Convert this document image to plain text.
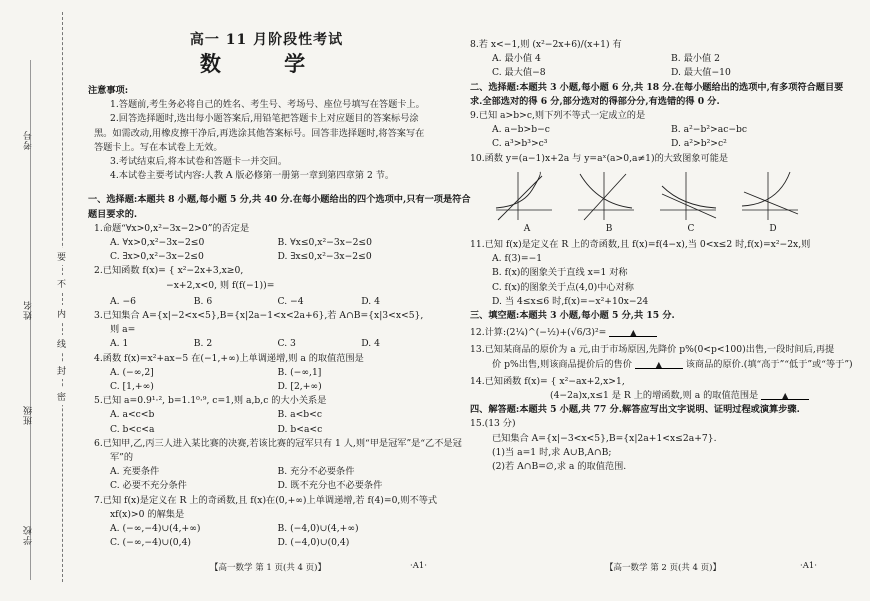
考号
姓名
班级
学校
要
不
内
线
封
密
高一 11 月阶段性考试
数 学

注意事项:

1.答题前,考生务必将自己的姓名、考生号、考场号、座位号填写在答题卡上。

2.回答选择题时,选出每小题答案后,用铅笔把答题卡上对应题目的答案标号涂

黑。如需改动,用橡皮擦干净后,再选涂其他答案标号。回答非选择题时,将答案写在

答题卡上。写在本试卷上无效。

3.考试结束后,将本试卷和答题卡一并交回。

4.本试卷主要考试内容:人教 A 版必修第一册第一章到第四章第 2 节。

一、选择题:本题共 8 小题,每小题 5 分,共 40 分.在每小题给出的四个选项中,只有一项是符合

题目要求的.

1.命题“∀x>0,x²−3x−2>0”的否定是

A. ∀x>0,x²−3x−2≤0	B. ∀x≤0,x²−3x−2≤0
C. ∃x>0,x²−3x−2≤0	D. ∃x≤0,x²−3x−2≤0

2.已知函数 f(x)= { x²−2x+3,x≥0,

−x+2,x<0, 则 f(f(−1))=

A. −6	B. 6	C. −4	D. 4

3.已知集合 A={x|−2<x<5},B={x|2a−1<x<2a+6},若 A∩B={x|3<x<5},

则 a=

A. 1	B. 2	C. 3	D. 4

4.函数 f(x)=x²+ax−5 在(−1,+∞)上单调递增,则 a 的取值范围是

A. (−∞,2]	B. (−∞,1]
C. [1,+∞)	D. [2,+∞)

5.已知 a=0.9¹·², b=1.1⁰·⁹, c=1,则 a,b,c 的大小关系是

A. a<c<b	B. a<b<c
C. b<c<a	D. b<a<c

6.已知甲,乙,丙三人进入某比赛的决赛,若该比赛的冠军只有 1 人,则“甲是冠军”是“乙不是冠

军”的

A. 充要条件	B. 充分不必要条件
C. 必要不充分条件	D. 既不充分也不必要条件

7.已知 f(x)是定义在 R 上的奇函数,且 f(x)在(0,+∞)上单调递增,若 f(4)=0,则不等式

xf(x)>0 的解集是

A. (−∞,−4)∪(4,+∞)	B. (−4,0)∪(4,+∞)
C. (−∞,−4)∪(0,4)	D. (−4,0)∪(0,4)

8.若 x<−1,则 (x²−2x+6)/(x+1) 有

A. 最小值 4	B. 最小值 2
C. 最大值−8	D. 最大值−10

二、选择题:本题共 3 小题,每小题 6 分,共 18 分.在每小题给出的选项中,有多项符合题目要

求.全部选对的得 6 分,部分选对的得部分分,有选错的得 0 分.

9.已知 a>b>c,则下列不等式一定成立的是

A. a−b>b−c	B. a²−b²>ac−bc
C. a³>b³>c³	D. a²>b²>c²

10.函数 y=(a−1)x+2a 与 y=aˣ(a>0,a≠1)的大致图象可能是

A	B	C	D

11.已知 f(x)是定义在 R 上的奇函数,且 f(x)=f(4−x),当 0<x≤2 时,f(x)=x²−2x,则

A. f(3)=−1

B. f(x)的图象关于直线 x=1 对称

C. f(x)的图象关于点(4,0)中心对称

D. 当 4≤x≤6 时,f(x)=−x²+10x−24

三、填空题:本题共 3 小题,每小题 5 分,共 15 分.

12.计算:(2¼)^(−½)+(√6/3)²=	▲

13.已知某商品的原价为 a 元,由于市场原因,先降价 p%(0<p<100)出售,一段时间后,再提

价 p%出售,则该商品提价后的售价	▲	该商品的原价.(填“高于”“低于”或“等于”)

14.已知函数 f(x)= { x²−ax+2,x>1,

(4−2a)x,x≤1 是 R 上的增函数,则 a 的取值范围是	▲

四、解答题:本题共 5 小题,共 77 分.解答应写出文字说明、证明过程或演算步骤.

15.(13 分)

已知集合 A={x|−3<x<5},B={x|2a+1<x≤2a+7}.

(1)当 a=1 时,求 A∪B,A∩B;

(2)若 A∩B=∅,求 a 的取值范围.

【高一数学 第 1 页(共 4 页)】	·A1·	【高一数学 第 2 页(共 4 页)】	·A1·
